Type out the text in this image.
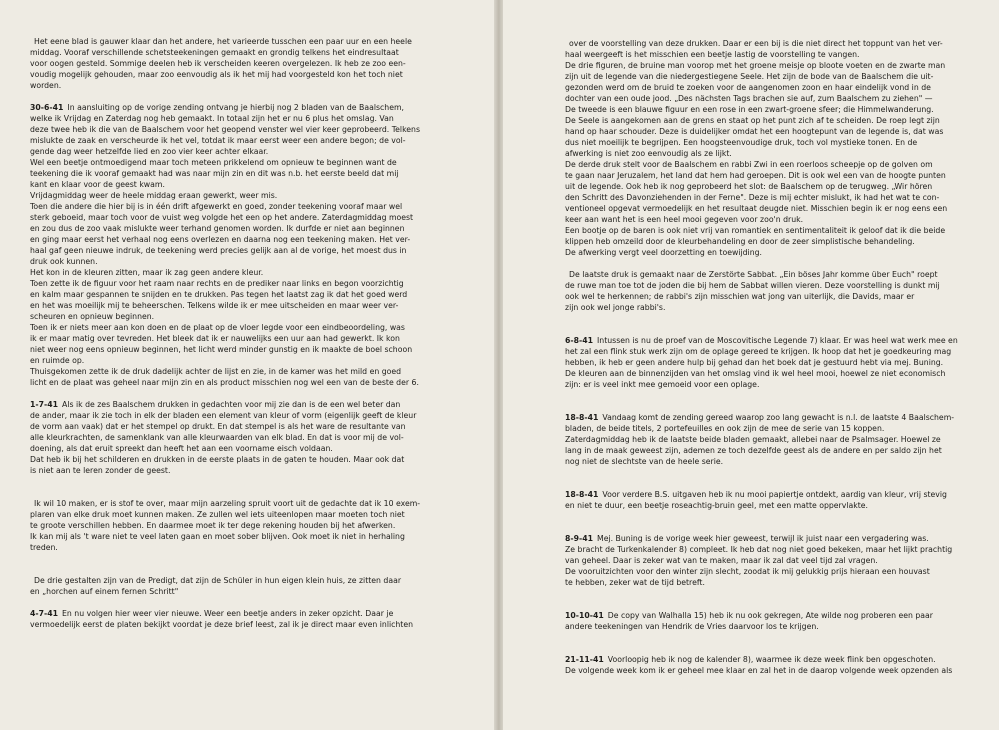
Het eene blad is gauwer klaar dan het andere, het varieerde tusschen een paar uur en een heele
middag. Vooraf verschillende schetsteekeningen gemaakt en grondig telkens het eindresultaat
voor oogen gesteld. Sommige deelen heb ik verscheiden keeren overgelezen. Ik heb ze zoo een-
voudig mogelijk gehouden, maar zoo eenvoudig als ik het mij had voorgesteld kon het toch niet
worden.

30-6-41 In aansluiting op de vorige zending ontvang je hierbij nog 2 bladen van de Baalschem,
welke ik Vrijdag en Zaterdag nog heb gemaakt. In totaal zijn het er nu 6 plus het omslag. Van
deze twee heb ik die van de Baalschem voor het geopend venster wel vier keer geprobeerd. Telkens
mislukte de zaak en verscheurde ik het vel, totdat ik maar eerst weer een andere begon; de vol-
gende dag weer hetzelfde lied en zoo vier keer achter elkaar.
Wel een beetje ontmoedigend maar toch meteen prikkelend om opnieuw te beginnen want de
teekening die ik vooraf gemaakt had was naar mijn zin en dit was n.b. het eerste beeld dat mij
kant en klaar voor de geest kwam.
Vrijdagmiddag weer de heele middag eraan gewerkt, weer mis.
Toen die andere die hier bij is in één drift afgewerkt en goed, zonder teekening vooraf maar wel
sterk geboeid, maar toch voor de vuist weg volgde het een op het andere. Zaterdagmiddag moest
en zou dus de zoo vaak mislukte weer terhand genomen worden. Ik durfde er niet aan beginnen
en ging maar eerst het verhaal nog eens overlezen en daarna nog een teekening maken. Het ver-
haal gaf geen nieuwe indruk, de teekening werd precies gelijk aan al de vorige, het moest dus in
druk ook kunnen.
Het kon in de kleuren zitten, maar ik zag geen andere kleur.
Toen zette ik de figuur voor het raam naar rechts en de prediker naar links en begon voorzichtig
en kalm maar gespannen te snijden en te drukken. Pas tegen het laatst zag ik dat het goed werd
en het was moeilijk mij te beheerschen. Telkens wilde ik er mee uitscheiden en maar weer ver-
scheuren en opnieuw beginnen.
Toen ik er niets meer aan kon doen en de plaat op de vloer legde voor een eindbeoordeling, was
ik er maar matig over tevreden. Het bleek dat ik er nauwelijks een uur aan had gewerkt. Ik kon
niet weer nog eens opnieuw beginnen, het licht werd minder gunstig en ik maakte de boel schoon
en ruimde op.
Thuisgekomen zette ik de druk dadelijk achter de lijst en zie, in de kamer was het mild en goed
licht en de plaat was geheel naar mijn zin en als product misschien nog wel een van de beste der 6.

1-7-41 Als ik de zes Baalschem drukken in gedachten voor mij zie dan is de een wel beter dan
de ander, maar ik zie toch in elk der bladen een element van kleur of vorm (eigenlijk geeft de kleur
de vorm aan vaak) dat er het stempel op drukt. En dat stempel is als het ware de resultante van
alle kleurkrachten, de samenklank van alle kleurwaarden van elk blad. En dat is voor mij de vol-
doening, als dat eruit spreekt dan heeft het aan een voorname eisch voldaan.
Dat heb ik bij het schilderen en drukken in de eerste plaats in de gaten te houden. Maar ook dat
is niet aan te leren zonder de geest.

Ik wil 10 maken, er is stof te over, maar mijn aarzeling spruit voort uit de gedachte dat ik 10 exem-
plaren van elke druk moet kunnen maken. Ze zullen wel iets uiteenlopen maar moeten toch niet
te groote verschillen hebben. En daarmee moet ik ter dege rekening houden bij het afwerken.
Ik kan mij als 't ware niet te veel laten gaan en moet sober blijven. Ook moet ik niet in herhaling
treden.

De drie gestalten zijn van de Predigt, dat zijn de Schüler in hun eigen klein huis, ze zitten daar
en „horchen auf einem fernen Schritt"

4-7-41 En nu volgen hier weer vier nieuwe. Weer een beetje anders in zeker opzicht. Daar je
vermoedelijk eerst de platen bekijkt voordat je deze brief leest, zal ik je direct maar even inlichten

over de voorstelling van deze drukken. Daar er een bij is die niet direct het toppunt van het ver-
haal weergeeft is het misschien een beetje lastig de voorstelling te vangen.
De drie figuren, de bruine man voorop met het groene meisje op bloote voeten en de zwarte man
zijn uit de legende van die niedergestiegene Seele. Het zijn de bode van de Baalschem die uit-
gezonden werd om de bruid te zoeken voor de aangenomen zoon en haar eindelijk vond in de
dochter van een oude jood. „Des nächsten Tags brachen sie auf, zum Baalschem zu ziehen" —
De tweede is een blauwe figuur en een rose in een zwart-groene sfeer; die Himmelwanderung.
De Seele is aangekomen aan de grens en staat op het punt zich af te scheiden. De roep legt zijn
hand op haar schouder. Deze is duidelijker omdat het een hoogtepunt van de legende is, dat was
dus niet moeilijk te begrijpen. Een hoogsteenvoudige druk, toch vol mystieke tonen. En de
afwerking is niet zoo eenvoudig als ze lijkt.
De derde druk stelt voor de Baalschem en rabbi Zwi in een roerloos scheepje op de golven om
te gaan naar Jeruzalem, het land dat hem had geroepen. Dit is ook wel een van de hoogte punten
uit de legende. Ook heb ik nog geprobeerd het slot: de Baalschem op de terugweg. „Wir hören
den Schritt des Davonziehenden in der Ferne". Deze is mij echter mislukt, ik had het wat te con-
ventioneel opgevat vermoedelijk en het resultaat deugde niet. Misschien begin ik er nog eens een
keer aan want het is een heel mooi gegeven voor zoo'n druk.
Een bootje op de baren is ook niet vrij van romantiek en sentimentaliteit ik geloof dat ik die beide
klippen heb omzeild door de kleurbehandeling en door de zeer simplistische behandeling.
De afwerking vergt veel doorzetting en toewijding.

De laatste druk is gemaakt naar de Zerstörte Sabbat. „Ein böses Jahr komme über Euch" roept
de ruwe man toe tot de joden die bij hem de Sabbat willen vieren. Deze voorstelling is dunkt mij
ook wel te herkennen; de rabbi's zijn misschien wat jong van uiterlijk, die Davids, maar er
zijn ook wel jonge rabbi's.

6-8-41 Intussen is nu de proef van de Moscovitische Legende 7) klaar. Er was heel wat werk mee en
het zal een flink stuk werk zijn om de oplage gereed te krijgen. Ik hoop dat het je goedkeuring mag
hebben, ik heb er geen andere hulp bij gehad dan het boek dat je gestuurd hebt via mej. Buning.
De kleuren aan de binnenzijden van het omslag vind ik wel heel mooi, hoewel ze niet economisch
zijn: er is veel inkt mee gemoeid voor een oplage.

18-8-41 Vandaag komt de zending gereed waarop zoo lang gewacht is n.l. de laatste 4 Baalschem-
bladen, de beide titels, 2 portefeuilles en ook zijn de mee de serie van 15 koppen.
Zaterdagmiddag heb ik de laatste beide bladen gemaakt, allebei naar de Psalmsager. Hoewel ze
lang in de maak geweest zijn, ademen ze toch dezelfde geest als de andere en per saldo zijn het
nog niet de slechtste van de heele serie.

18-8-41 Voor verdere B.S. uitgaven heb ik nu mooi papiertje ontdekt, aardig van kleur, vrij stevig
en niet te duur, een beetje roseachtig-bruin geel, met een matte oppervlakte.

8-9-41 Mej. Buning is de vorige week hier geweest, terwijl ik juist naar een vergadering was.
Ze bracht de Turkenkalender 8) compleet. Ik heb dat nog niet goed bekeken, maar het lijkt prachtig
van geheel. Daar is zeker wat van te maken, maar ik zal dat veel tijd zal vragen.
De vooruitzichten voor den winter zijn slecht, zoodat ik mij gelukkig prijs hieraan een houvast
te hebben, zeker wat de tijd betreft.

10-10-41 De copy van Walhalla 15) heb ik nu ook gekregen, Ate wilde nog proberen een paar
andere teekeningen van Hendrik de Vries daarvoor los te krijgen.

21-11-41 Voorloopig heb ik nog de kalender 8), waarmee ik deze week flink ben opgeschoten.
De volgende week kom ik er geheel mee klaar en zal het in de daarop volgende week opzenden als
